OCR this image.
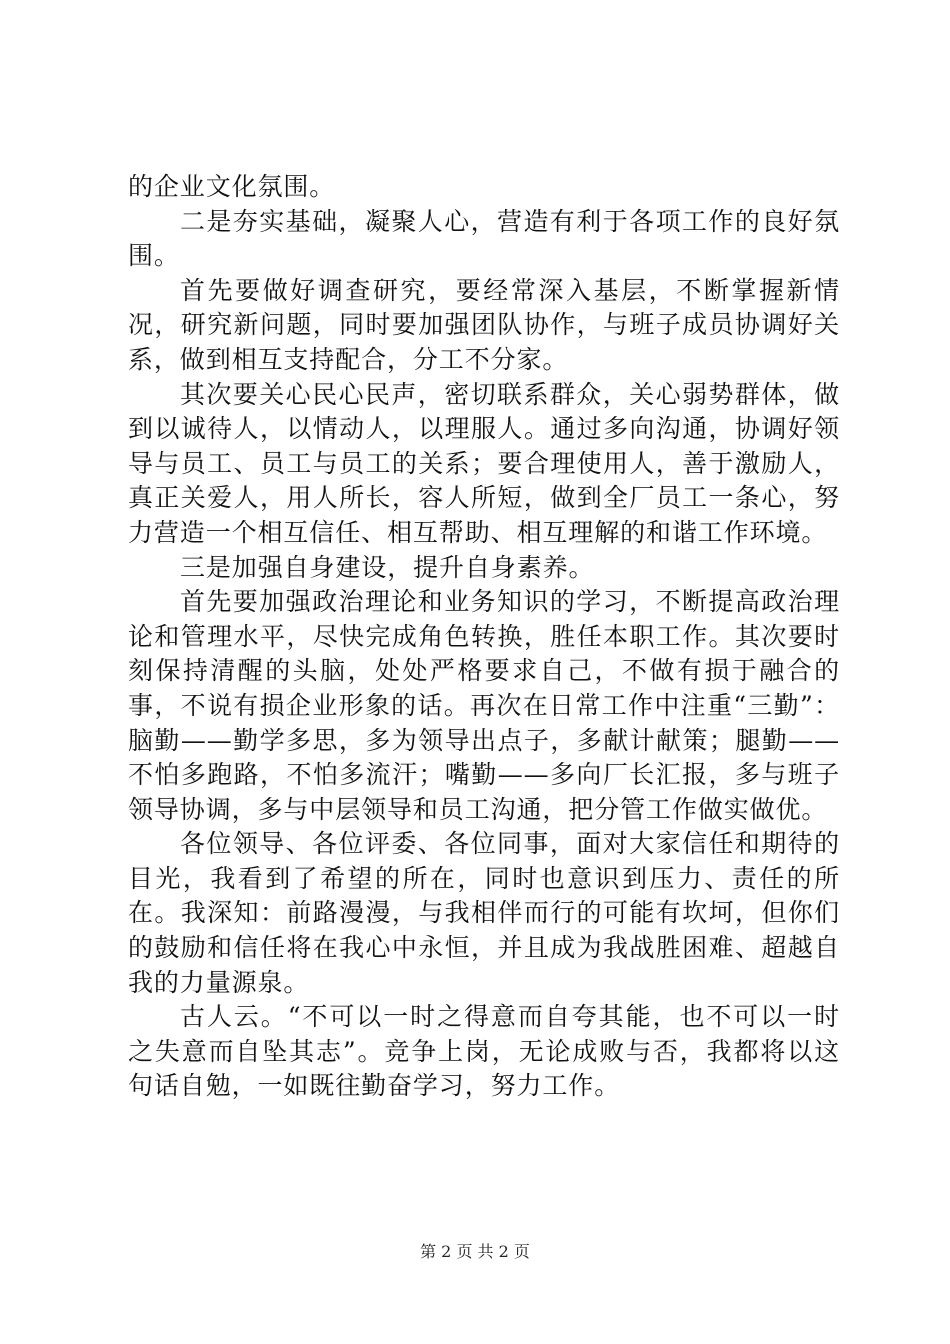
的企业文化氛围。

二是夯实基础，凝聚人心，营造有利于各项工作的良好氛围。

首先要做好调查研究，要经常深入基层，不断掌握新情况，研究新问题，同时要加强团队协作，与班子成员协调好关系，做到相互支持配合，分工不分家。

其次要关心民心民声，密切联系群众，关心弱势群体，做到以诚待人，以情动人，以理服人。通过多向沟通，协调好领导与员工、员工与员工的关系；要合理使用人，善于激励人，真正关爱人，用人所长，容人所短，做到全厂员工一条心，努力营造一个相互信任、相互帮助、相互理解的和谐工作环境。

三是加强自身建设，提升自身素养。

首先要加强政治理论和业务知识的学习，不断提高政治理论和管理水平，尽快完成角色转换，胜任本职工作。其次要时刻保持清醒的头脑，处处严格要求自己，不做有损于融合的事，不说有损企业形象的话。再次在日常工作中注重“三勤”：脑勤——勤学多思，多为领导出点子，多献计献策；腿勤——不怕多跑路，不怕多流汗；嘴勤——多向厂长汇报，多与班子领导协调，多与中层领导和员工沟通，把分管工作做实做优。

各位领导、各位评委、各位同事，面对大家信任和期待的目光，我看到了希望的所在，同时也意识到压力、责任的所在。我深知：前路漫漫，与我相伴而行的可能有坎坷，但你们的鼓励和信任将在我心中永恒，并且成为我战胜困难、超越自我的力量源泉。

古人云。“不可以一时之得意而自夸其能，也不可以一时之失意而自坠其志”。竞争上岗，无论成败与否，我都将以这句话自勉，一如既往勤奋学习，努力工作。

第 2 页 共 2 页
